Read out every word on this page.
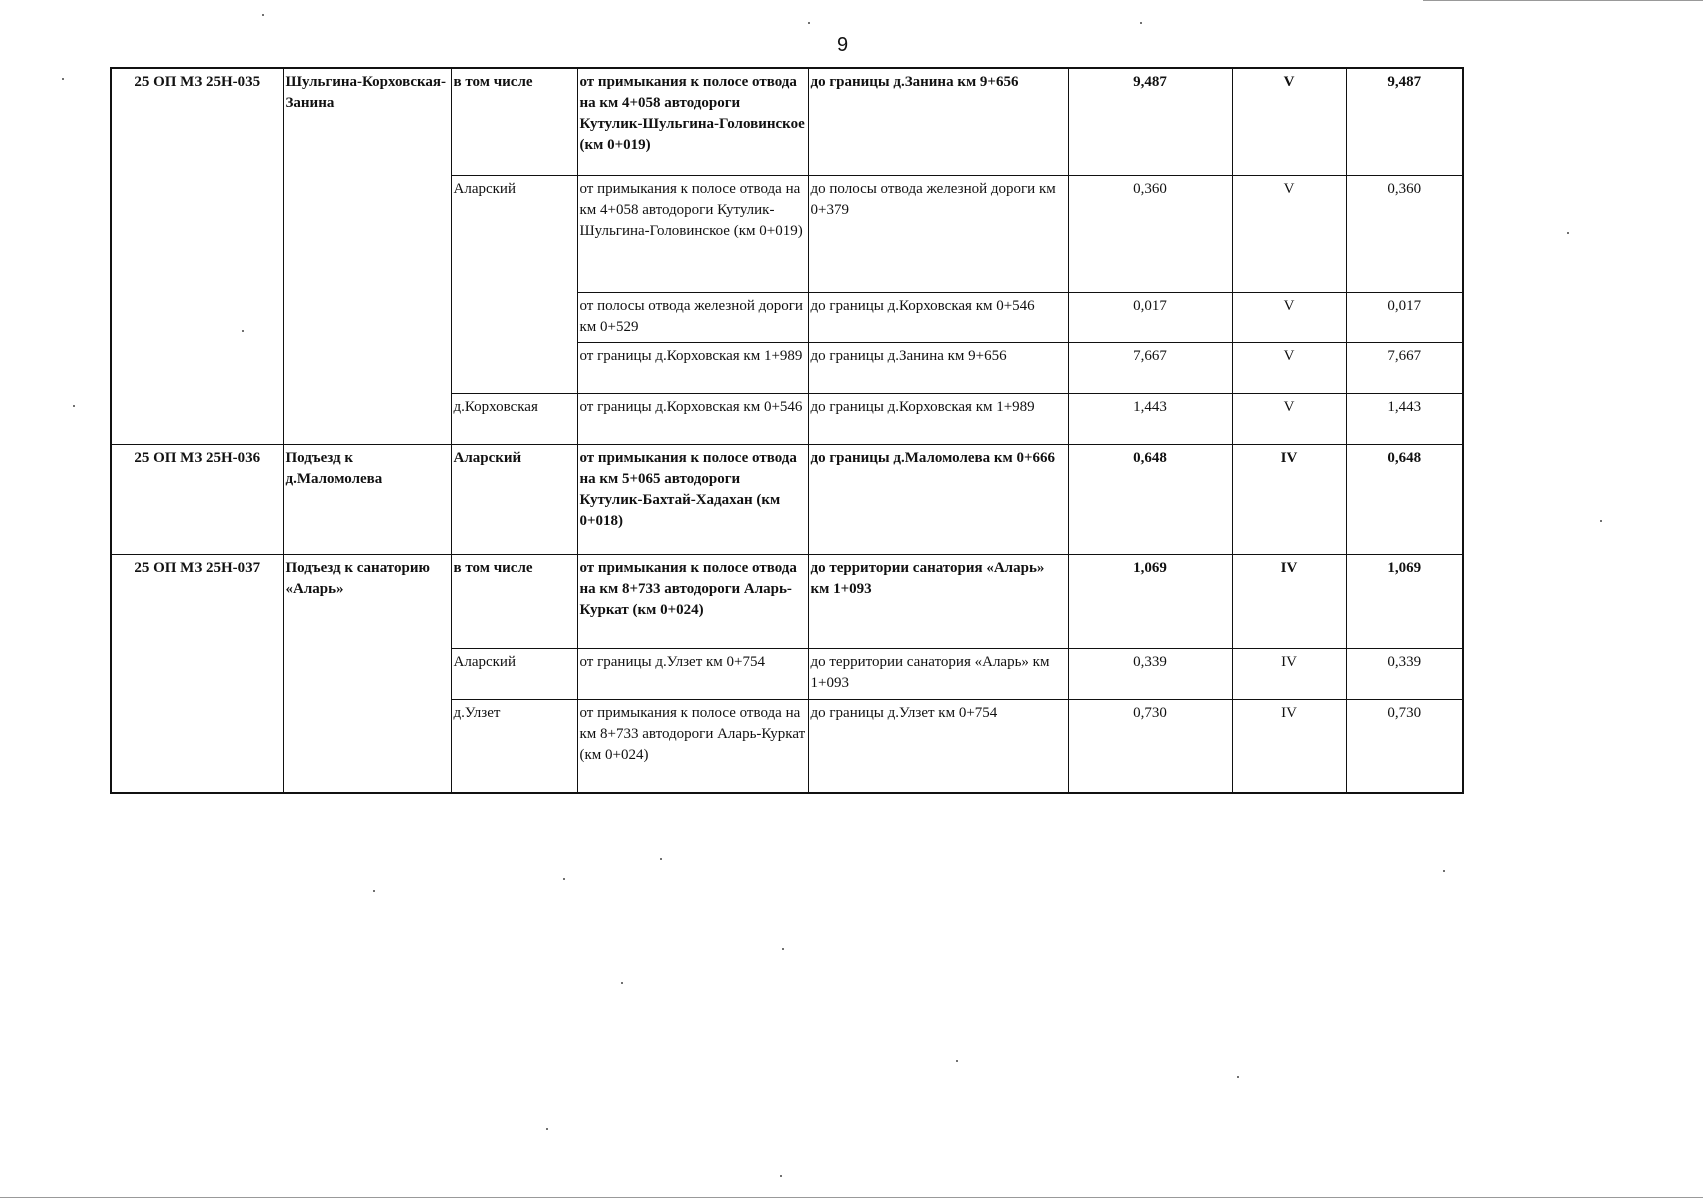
9
25 ОП МЗ 25Н-035	Шульгина-Корховская-Занина	в том числе	от примыкания к полосе отвода на км 4+058 автодороги Кутулик-Шульгина-Головинское (км 0+019)	до границы д.Занина км 9+656	9,487	V	9,487
		Аларский	от примыкания к полосе отвода на км 4+058 автодороги Кутулик-Шульгина-Головинское (км 0+019)	до полосы отвода железной дороги км 0+379	0,360	V	0,360
			от полосы отвода железной дороги км 0+529	до границы д.Корховская км 0+546	0,017	V	0,017
			от границы д.Корховская км 1+989	до границы д.Занина км 9+656	7,667	V	7,667
		д.Корховская	от границы д.Корховская км 0+546	до границы д.Корховская км 1+989	1,443	V	1,443
25 ОП МЗ 25Н-036	Подъезд к д.Маломолева	Аларский	от примыкания к полосе отвода на км 5+065 автодороги Кутулик-Бахтай-Хадахан (км 0+018)	до границы д.Маломолева км 0+666	0,648	IV	0,648
25 ОП МЗ 25Н-037	Подъезд к санаторию «Аларь»	в том числе	от примыкания к полосе отвода на км 8+733 автодороги Аларь-Куркат (км 0+024)	до территории санатория «Аларь» км 1+093	1,069	IV	1,069
		Аларский	от границы д.Улзет км 0+754	до территории санатория «Аларь» км 1+093	0,339	IV	0,339
		д.Улзет	от примыкания к полосе отвода на км 8+733 автодороги Аларь-Куркат (км 0+024)	до границы д.Улзет км 0+754	0,730	IV	0,730
